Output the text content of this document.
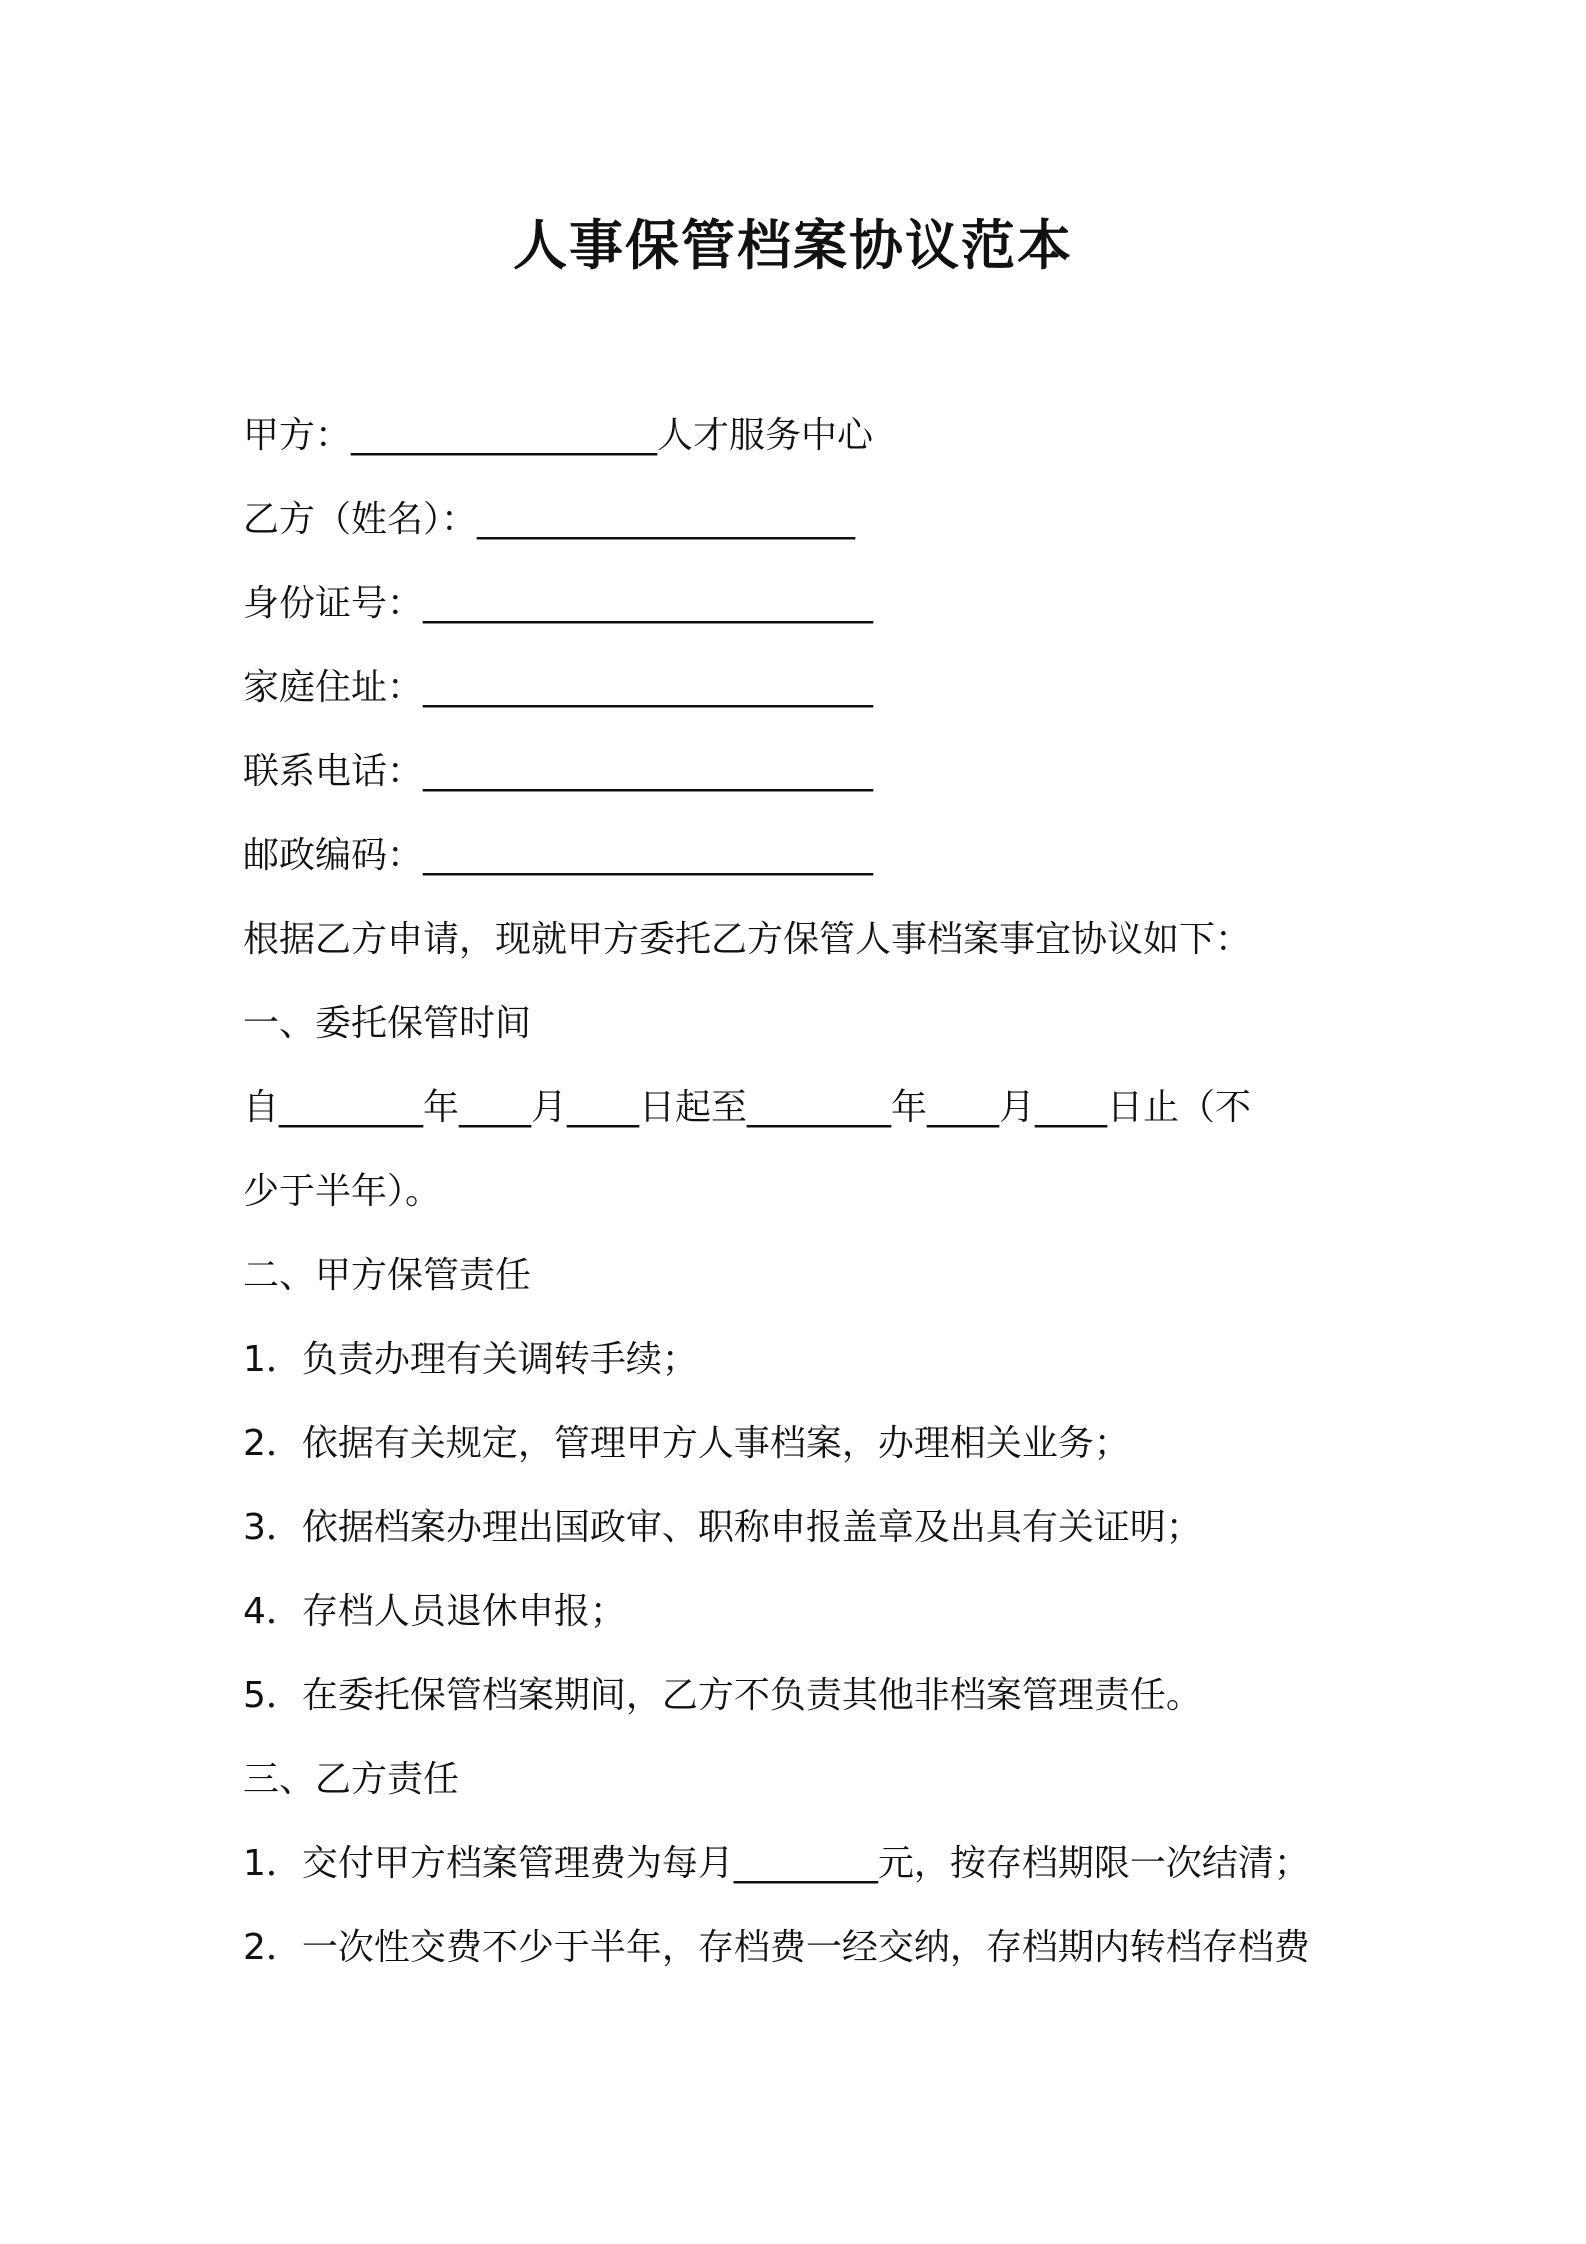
人事保管档案协议范本

甲方：_________________人才服务中心

乙方（姓名）：_____________________

身份证号：_________________________

家庭住址：_________________________

联系电话：_________________________

邮政编码：_________________________

根据乙方申请，现就甲方委托乙方保管人事档案事宜协议如下：

一、委托保管时间

自________年____月____日起至________年____月____日止（不

少于半年）。

二、甲方保管责任

1．负责办理有关调转手续；

2．依据有关规定，管理甲方人事档案，办理相关业务；

3．依据档案办理出国政审、职称申报盖章及出具有关证明；

4．存档人员退休申报；

5．在委托保管档案期间，乙方不负责其他非档案管理责任。

三、乙方责任

1．交付甲方档案管理费为每月________元，按存档期限一次结清；

2．一次性交费不少于半年，存档费一经交纳，存档期内转档存档费
